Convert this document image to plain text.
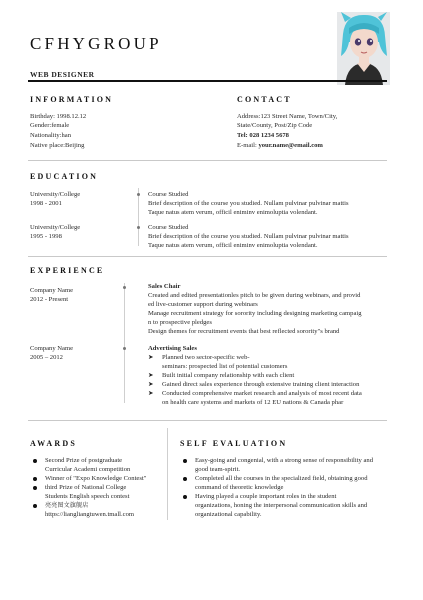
CFHYGROUP
WEB DESIGNER
INFORMATION
Birthday: 1998.12.12
Gender:female
Nationality:han
Native place:Beijing
CONTACT
Address:123 Street Name, Town/City,
State/County, Post/Zip Code
Tel: 028 1234 5678
E-mail: your.name@email.com
EDUCATION
University/College
1998 - 2001
Course Studied
Brief description of the course you studied. Nullam pulvinar pulvinar mattis
Taque natus atem verum, officil eniminv enimoluptia volendant.
University/College
1995 - 1998
Course Studied
Brief description of the course you studied. Nullam pulvinar pulvinar mattis
Taque natus atem verum, officil eniminv enimoluptia volendant.
EXPERIENCE
Company Name
2012 - Present
Sales Chair
Created and edited presentationles pitch to be given during webinars, and provid
ed live-customer support during webinars
Manage recruitment strategy for sorority including designing marketing campaig
n to prospective pledges
Design themes for recruitment events that best reflected sorority"s brand
Company Name
2005 – 2012
Advertising Sales
➤ Planned two sector-specific web-
seminars: prospected list of potential customers
➤ Built initial company relationship with each client
➤ Gained direct sales experience through extensive training client interaction
➤ Conducted comprehensive market research and analysis of most recent data
on health care systems and markets of 12 EU nations & Canada phar
AWARDS
Second Prize of postgraduate
Curricular Academi competition
Winner of "Expo Knowledge Contest"
third Prize of National College
Students English speech contest
亮亮图文旗舰店
https://liangliangtuwen.tmall.com
SELF EVALUATION
Easy-going and congenial, with a strong sense of responsibility and
good team-spirit.
Completed all the courses in the specialized field, obtaining good
command of theoretic knowledge
Having played a couple important roles in the student
organizations, honing the interpersonal communication skills and
organizational capability.
